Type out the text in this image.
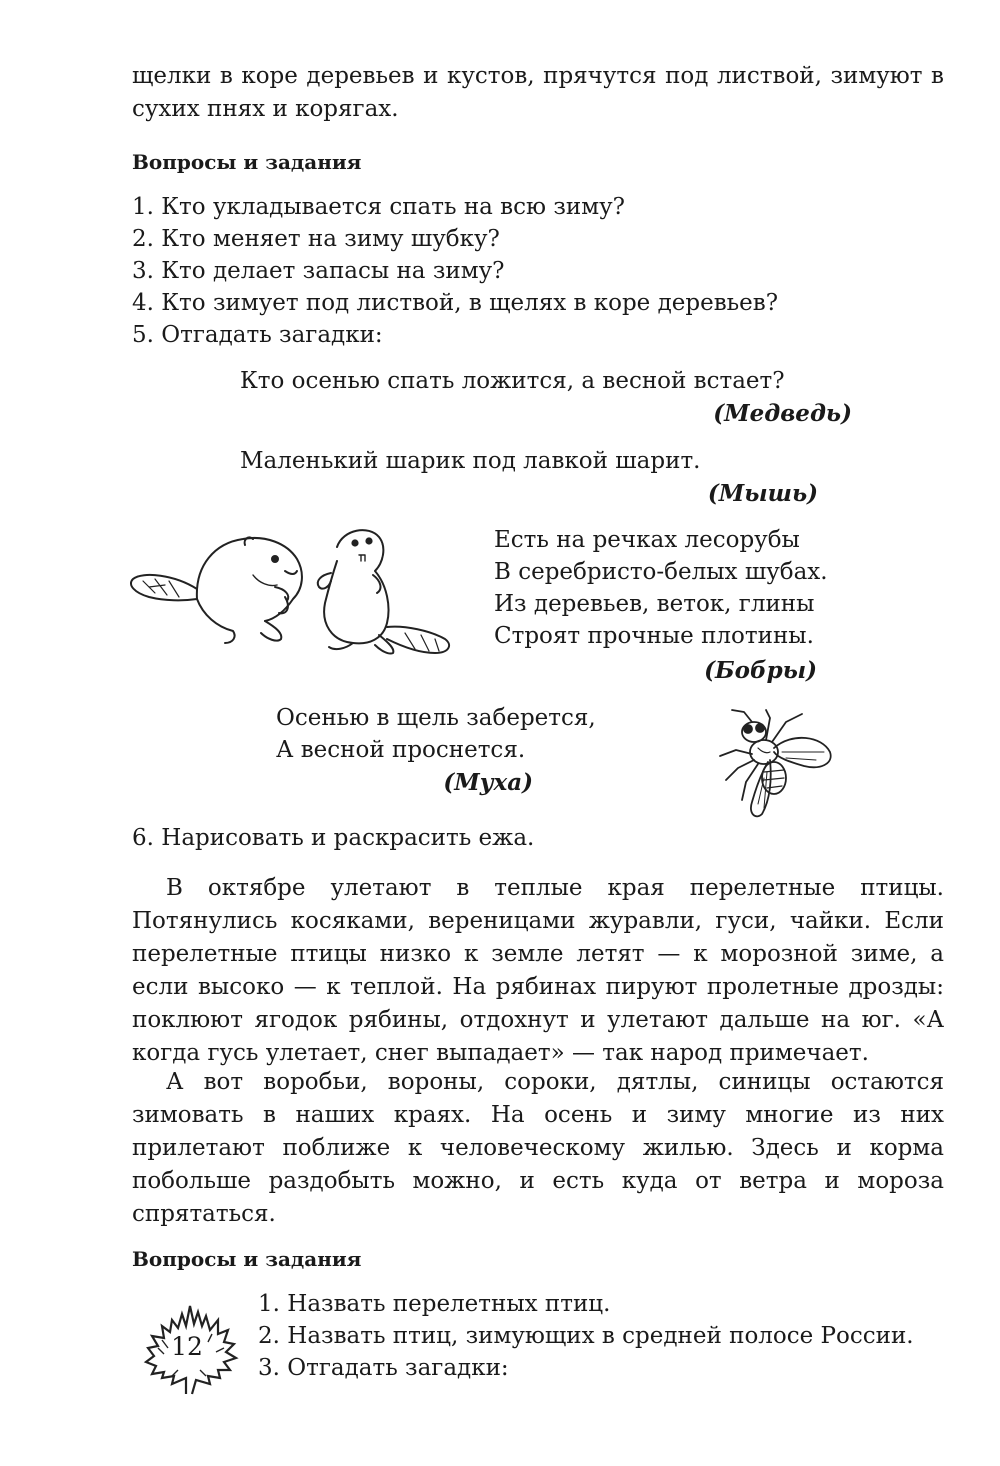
щелки в коре деревьев и кустов, прячутся под листвой, зимуют в сухих пнях и корягах.

Вопросы и задания
1. Кто укладывается спать на всю зиму?
2. Кто меняет на зиму шубку?
3. Кто делает запасы на зиму?
4. Кто зимует под листвой, в щелях в коре деревьев?
5. Отгадать загадки:
Кто осенью спать ложится, а весной встает?
(Медведь)
Маленький шарик под лавкой шарит.
(Мышь)
Есть на речках лесорубы
В серебристо-белых шубах.
Из деревьев, веток, глины
Строят прочные плотины.
(Бобры)
Осенью в щель заберется,
А весной проснется.
(Муха)
6. Нарисовать и раскрасить ежа.

В октябре улетают в теплые края перелетные птицы. Потянулись косяками, вереницами журавли, гуси, чайки. Если перелетные птицы низко к земле летят — к морозной зиме, а если высоко — к теплой. На рябинах пируют пролетные дрозды: поклюют ягодок рябины, отдохнут и улетают дальше на юг. «А когда гусь улетает, снег выпадает» — так народ примечает.

А вот воробьи, вороны, сороки, дятлы, синицы остаются зимовать в наших краях. На осень и зиму многие из них прилетают поближе к человеческому жилью. Здесь и корма побольше раздобыть можно, и есть куда от ветра и мороза спрятаться.

Вопросы и задания
12
1. Назвать перелетных птиц.
2. Назвать птиц, зимующих в средней полосе России.
3. Отгадать загадки:
